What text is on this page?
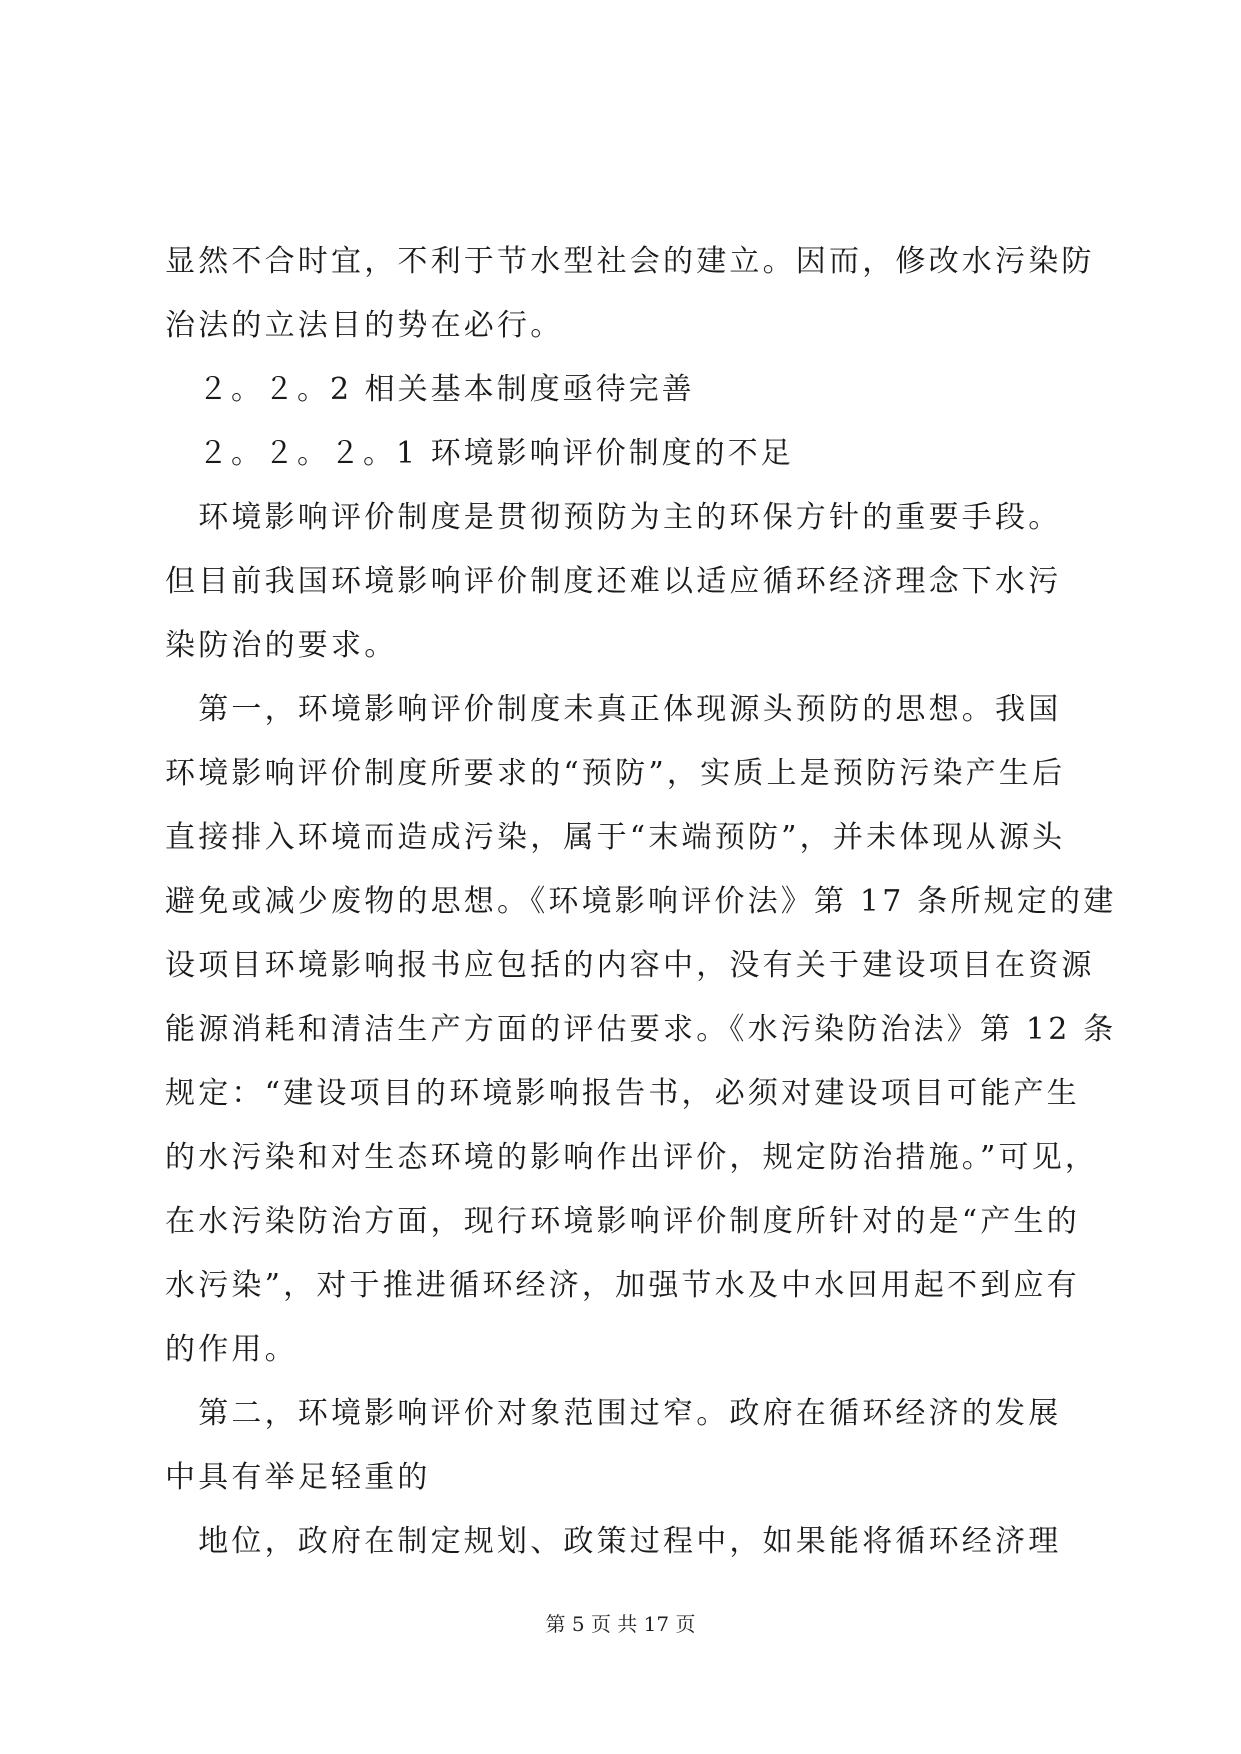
显然不合时宜，不利于节水型社会的建立。因而，修改水污染防
治法的立法目的势在必行。
　２。２。2 相关基本制度亟待完善
　２。２。２。1 环境影响评价制度的不足
　环境影响评价制度是贯彻预防为主的环保方针的重要手段。
但目前我国环境影响评价制度还难以适应循环经济理念下水污
染防治的要求。
　第一，环境影响评价制度未真正体现源头预防的思想。我国
环境影响评价制度所要求的“预防”，实质上是预防污染产生后
直接排入环境而造成污染，属于“末端预防”，并未体现从源头
避免或减少废物的思想。《环境影响评价法》第 17 条所规定的建
设项目环境影响报书应包括的内容中，没有关于建设项目在资源
能源消耗和清洁生产方面的评估要求。《水污染防治法》第 12 条
规定：“建设项目的环境影响报告书，必须对建设项目可能产生
的水污染和对生态环境的影响作出评价，规定防治措施。”可见，
在水污染防治方面，现行环境影响评价制度所针对的是“产生的
水污染”，对于推进循环经济，加强节水及中水回用起不到应有
的作用。
　第二，环境影响评价对象范围过窄。政府在循环经济的发展
中具有举足轻重的
　地位，政府在制定规划、政策过程中，如果能将循环经济理
第 5 页 共 17 页
